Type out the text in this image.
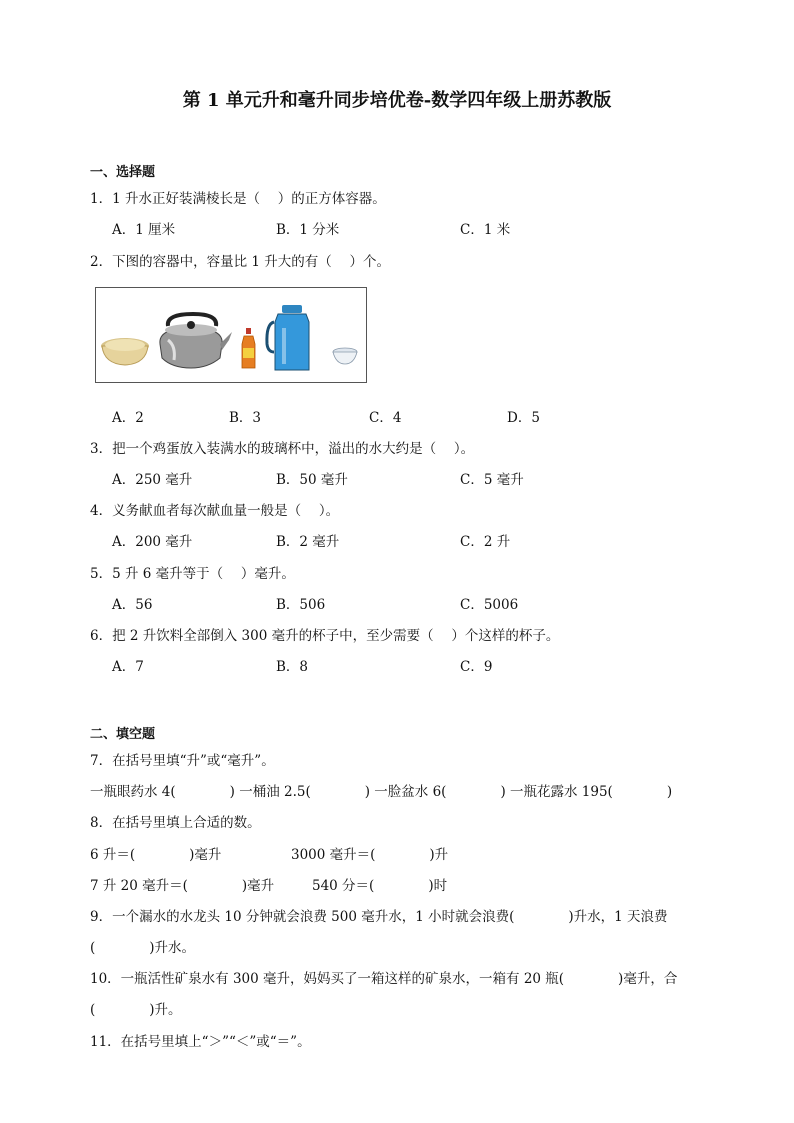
第 1 单元升和毫升同步培优卷-数学四年级上册苏教版
一、选择题
1．1 升水正好装满棱长是（　 ）的正方体容器。
A．1 厘米	B．1 分米	C．1 米
2．下图的容器中，容量比 1 升大的有（　 ）个。
A．2	B．3	C．4	D．5
3．把一个鸡蛋放入装满水的玻璃杯中，溢出的水大约是（　 ）。
A．250 毫升	B．50 毫升	C．5 毫升
4．义务献血者每次献血量一般是（　 ）。
A．200 毫升	B．2 毫升	C．2 升
5．5 升 6 毫升等于（　 ）毫升。
A．56	B．506	C．5006
6．把 2 升饮料全部倒入 300 毫升的杯子中，至少需要（　 ）个这样的杯子。
A．7	B．8	C．9
二、填空题
7．在括号里填“升”或“毫升”。
一瓶眼药水 4(　　　　) 一桶油 2.5(　　　　) 一脸盆水 6(　　　　) 一瓶花露水 195(　　　　)
8．在括号里填上合适的数。
6 升＝(　　　　)毫升	3000 毫升＝(　　　　)升
7 升 20 毫升＝(　　　　)毫升	540 分＝(　　　　)时
9．一个漏水的水龙头 10 分钟就会浪费 500 毫升水，1 小时就会浪费(　　　　)升水，1 天浪费
(　　　　)升水。
10．一瓶活性矿泉水有 300 毫升，妈妈买了一箱这样的矿泉水，一箱有 20 瓶(　　　　)毫升，合
(　　　　)升。
11．在括号里填上“＞”“＜”或“＝”。
